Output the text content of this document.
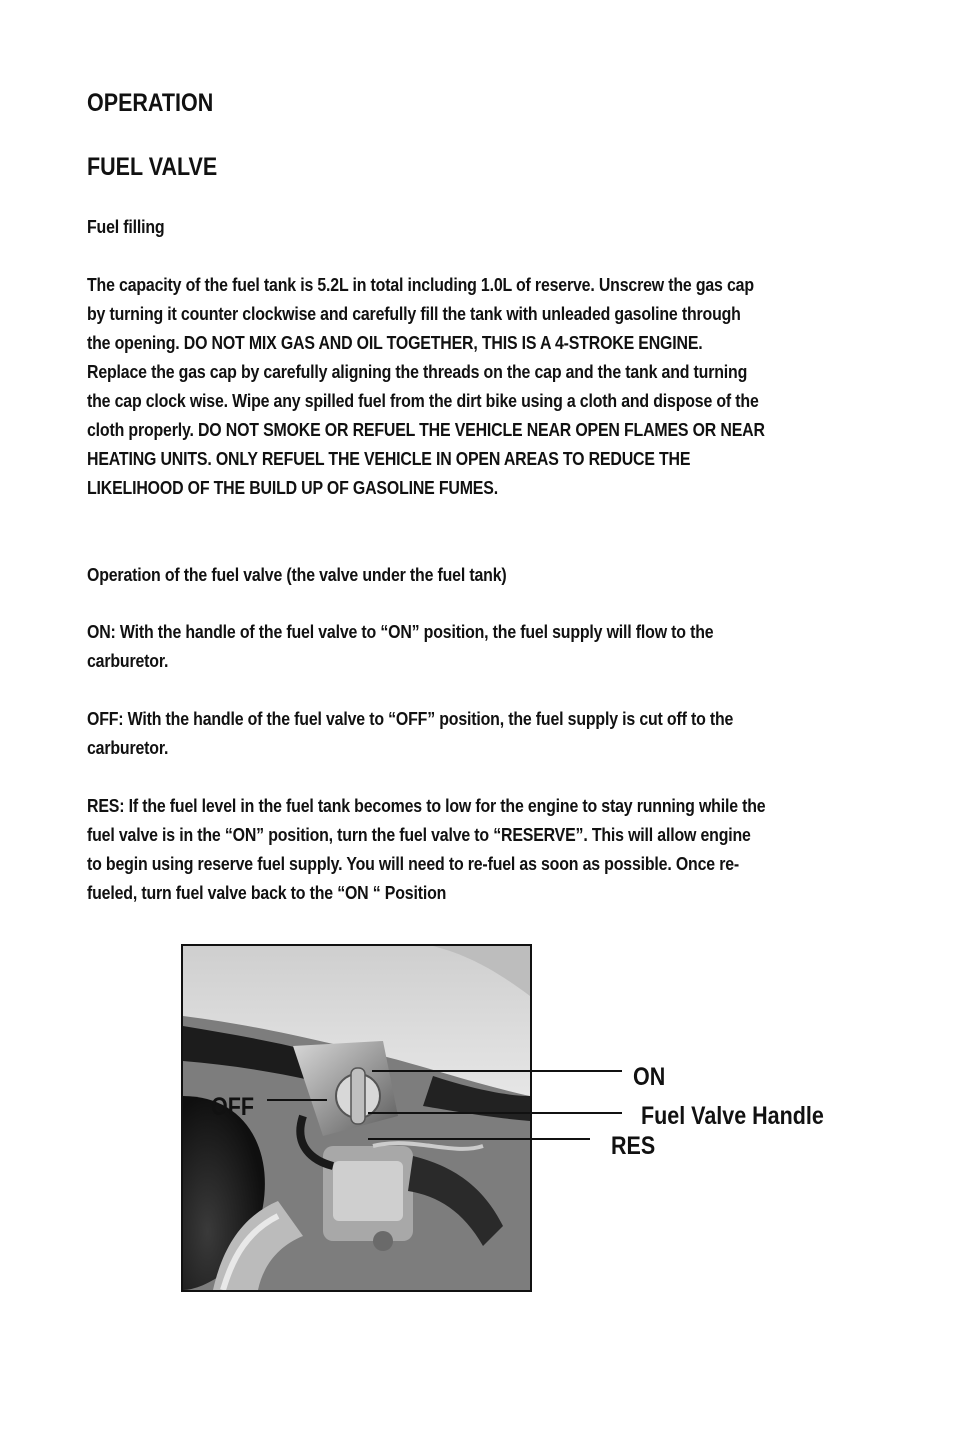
OPERATION
FUEL VALVE

Fuel filling

The capacity of the fuel tank is 5.2L in total including 1.0L of reserve. Unscrew the gas cap by turning it counter clockwise and carefully fill the tank with unleaded gasoline through the opening. DO NOT MIX GAS AND OIL TOGETHER, THIS IS A 4-STROKE ENGINE. Replace the gas cap by carefully aligning the threads on the cap and the tank and turning the cap clock wise. Wipe any spilled fuel from the dirt bike using a cloth and dispose of the cloth properly. DO NOT SMOKE OR REFUEL THE VEHICLE NEAR OPEN FLAMES OR NEAR HEATING UNITS. ONLY REFUEL THE VEHICLE IN OPEN AREAS TO REDUCE THE LIKELIHOOD OF THE BUILD UP OF GASOLINE FUMES.

Operation of the fuel valve (the valve under the fuel tank)

ON: With the handle of the fuel valve to “ON” position, the fuel supply will flow to the carburetor.

OFF: With the handle of the fuel valve to “OFF” position, the fuel supply is cut off to the carburetor.

RES: If the fuel level in the fuel tank becomes to low for the engine to stay running while the fuel valve is in the “ON” position, turn the fuel valve to “RESERVE”. This will allow engine to begin using reserve fuel supply. You will need to re-fuel as soon as possible. Once re-fueled, turn fuel valve back to the “ON “ Position

OFF
ON
Fuel Valve Handle
RES
